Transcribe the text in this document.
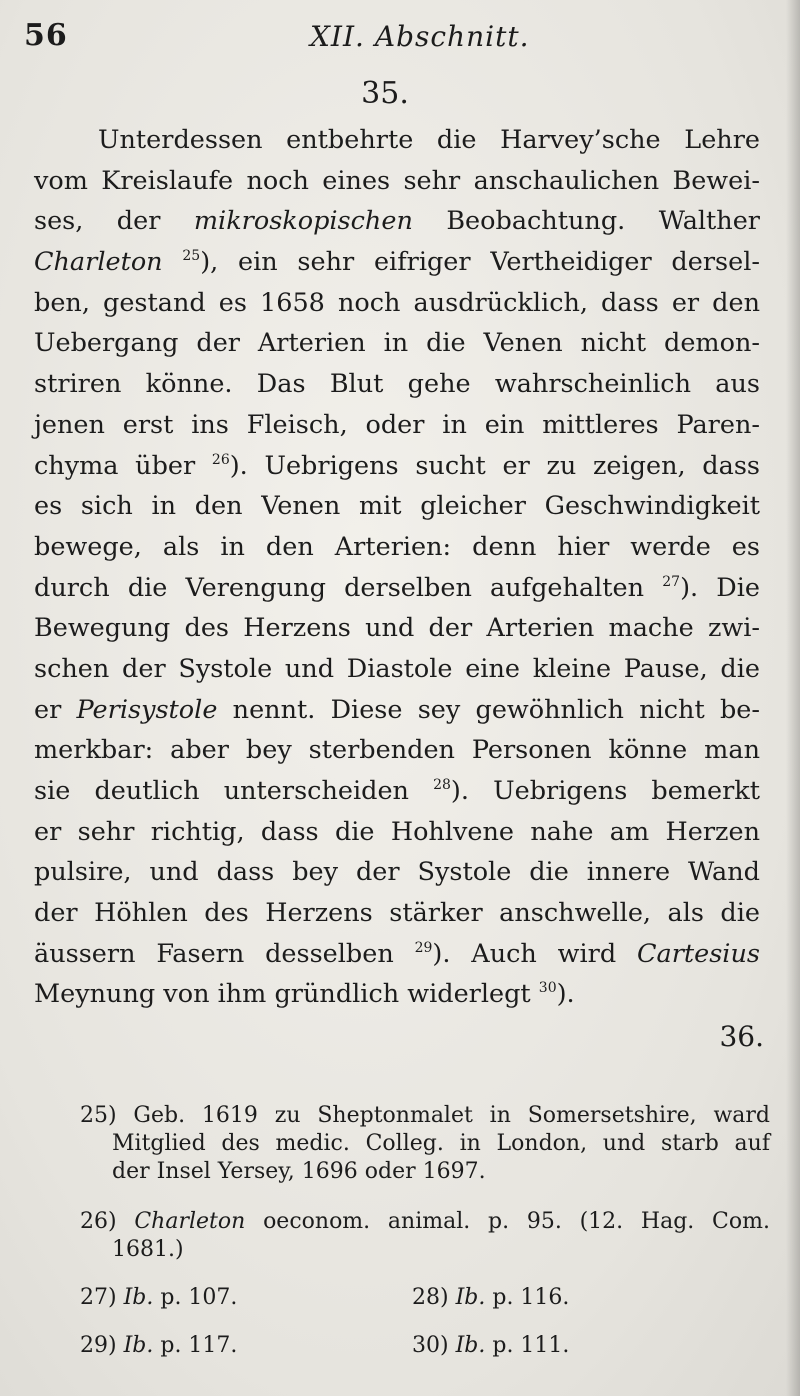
56	XII. Abschnitt.
35.
Unterdessen entbehrte die Harvey’sche Lehre
vom Kreislaufe noch eines sehr anschaulichen Bewei-
ses, der mikroskopischen Beobachtung. Walther
Charleton $^{25}$), ein sehr eifriger Vertheidiger dersel-
ben, gestand es 1658 noch ausdrücklich, dass er den
Uebergang der Arterien in die Venen nicht demon-
striren könne. Das Blut gehe wahrscheinlich aus
jenen erst ins Fleisch, oder in ein mittleres Paren-
chyma über $^{26}$). Uebrigens sucht er zu zeigen, dass
es sich in den Venen mit gleicher Geschwindigkeit
bewege, als in den Arterien: denn hier werde es
durch die Verengung derselben aufgehalten $^{27}$). Die
Bewegung des Herzens und der Arterien mache zwi-
schen der Systole und Diastole eine kleine Pause, die
er Perisystole nennt. Diese sey gewöhnlich nicht be-
merkbar: aber bey sterbenden Personen könne man
sie deutlich unterscheiden $^{28}$). Uebrigens bemerkt
er sehr richtig, dass die Hohlvene nahe am Herzen
pulsire, und dass bey der Systole die innere Wand
der Höhlen des Herzens stärker anschwelle, als die
äussern Fasern desselben $^{29}$). Auch wird Cartesius
Meynung von ihm gründlich widerlegt $^{30}$).
36.
25) Geb. 1619 zu Sheptonmalet in Somersetshire, ward
Mitglied des medic. Colleg. in London, und starb auf
der Insel Yersey, 1696 oder 1697.
26) Charleton oeconom. animal. p. 95. (12. Hag. Com.
1681.)
27) Ib. p. 107.	28) Ib. p. 116.
29) Ib. p. 117.	30) Ib. p. 111.
